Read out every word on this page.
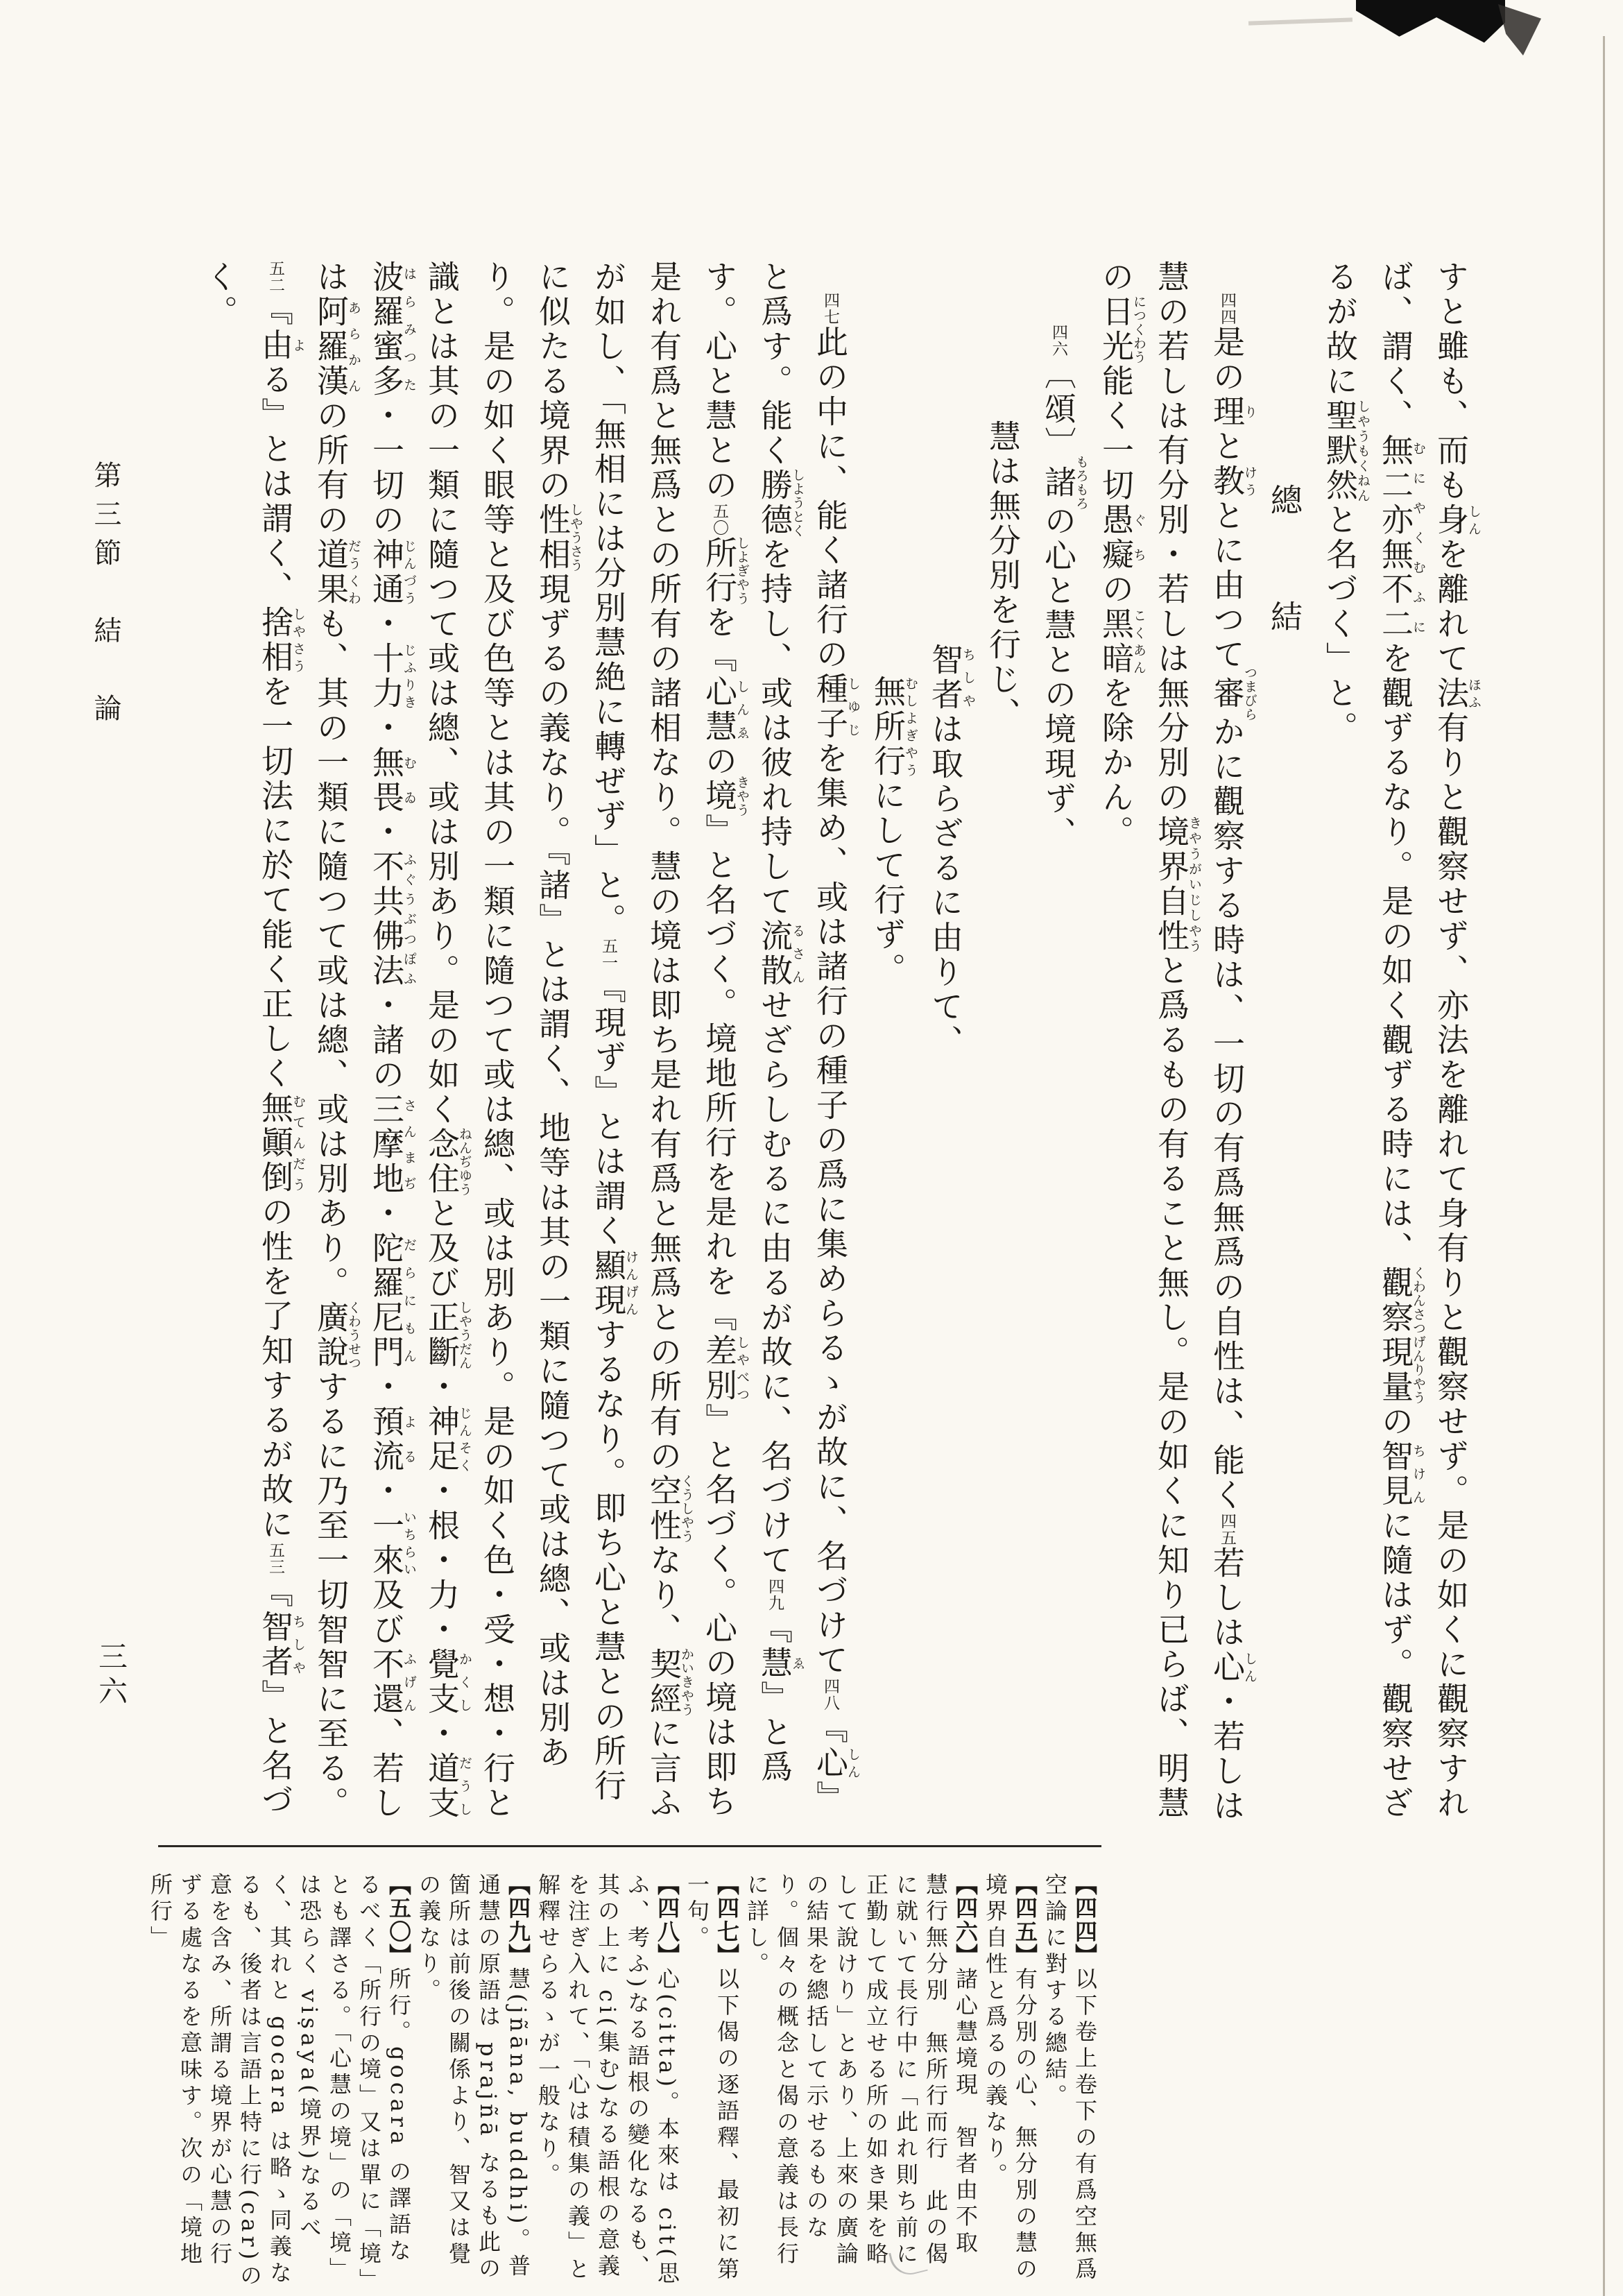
第三節　結　論
三六

すと雖も、而も身しんを離れて法ほふ有りと觀察せず、亦法を離れて身有りと觀察せず。是の如くに觀察すれば、謂く、無二亦無不二むにやくむふにを觀ずるなり。是の如く觀ずる時には、觀察現量くわんさつげんりやうの智見ちけんに隨はず。觀察せざるが故に聖默然しやうもくねんと名づく」と。

總　結

四四是の理りと教けうとに由つて審つまびらかに觀察する時は、一切の有爲無爲の自性は、能く四五若しは心しん・若しは慧の若しは有分別・若しは無分別の境界自性きやうがいじしやうと爲るもの有ること無し。是の如くに知り已らば、明慧の日光につくわう能く一切愚癡ぐちの黑暗こくあんを除かん。

四六〔頌〕諸もろもろの心と慧との境現ず、

慧は無分別を行じ、

智者ちしやは取らざるに由りて、

無所行むしよぎやうにして行ず。

四七此の中に、能く諸行の種子しゆじを集め、或は諸行の種子の爲に集めらるゝが故に、名づけて四八『心しん』と爲す。能く勝德しようとくを持し、或は彼れ持して流散るさんせざらしむるに由るが故に、名づけて四九『慧ゑ』と爲す。心と慧との五〇所行しよぎやうを『心慧しんゑの境きやう』と名づく。境地所行を是れを『差別しやべつ』と名づく。心の境は即ち是れ有爲と無爲との所有の諸相なり。慧の境は即ち是れ有爲と無爲との所有の空性くうしやうなり、契經かいきやうに言ふが如し、「無相には分別慧絶に轉ぜず」と。五一『現ず』とは謂く顯現けんげんするなり。即ち心と慧との所行に似たる境界の性相しやうさう現ずるの義なり。『諸』とは謂く、地等は其の一類に隨つて或は總、或は別あり。是の如く眼等と及び色等とは其の一類に隨つて或は總、或は別あり。是の如く色・受・想・行と識とは其の一類に隨つて或は總、或は別あり。是の如く念住ねんぢゆうと及び正斷しやうだん・神足じんそく・根・力・覺支かくし・道支だうし波羅蜜多はらみつた・一切の神通じんづう・十力じふりき・無畏むゐ・不共佛法ふぐうぶつぽふ・諸の三摩地さんまぢ・陀羅尼門だらにもん・預流よる・一來いちらい及び不還ふげん、若しは阿羅漢あらかんの所有の道果だうくわも、其の一類に隨つて或は總、或は別あり。廣說くわうせつするに乃至一切智智に至る。五二『由よる』とは謂く、捨相しやさうを一切法に於て能く正しく無顚倒むてんだうの性を了知するが故に五三『智者ちしや』と名づく。

【四四】以下卷上卷下の有爲空無爲空論に對する總結。

【四五】有分別の心、無分別の慧の境界自性と爲るの義なり。

【四六】諸心慧境現　智者由不取　慧行無分別　無所行而行　此の偈に就いて長行中に「此れ則ち前に正勤して成立せる所の如き果を略して說けり」とあり、上來の廣論の結果を總括して示せるものなり。個々の概念と偈の意義は長行に詳し。

【四七】以下偈の逐語釋、最初に第一句。

【四八】心(citta)。本來は cit(思ふ、考ふ)なる語根の變化なるも、其の上に ci(集む)なる語根の意義を注ぎ入れて、「心は積集の義」と解釋せらるゝが一般なり。

【四九】慧(jñāna, buddhi)。普通慧の原語は prajñā なるも此の箇所は前後の關係より、智又は覺の義なり。

【五〇】所行。gocara の譯語なるべく「所行の境」又は單に「境」とも譯さる。「心慧の境」の「境」は恐らく viṣaya(境界)なるべく、其れと gocara は略ゝ同義なるも、後者は言語上特に行(car)の意を含み、所謂る境界が心慧の行ずる處なるを意味す。次の「境地所行」
